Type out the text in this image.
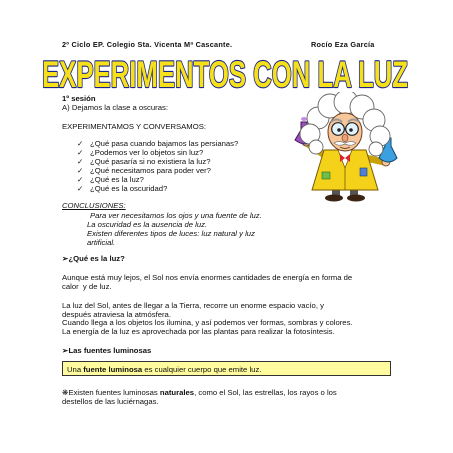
2º Ciclo EP. Colegio Sta. Vicenta Mª Cascante.	Rocío Eza García
EXPERIMENTOS CON LA LUZ
1º sesión
A) Dejamos la clase a oscuras:
EXPERIMENTAMOS Y CONVERSAMOS:
✓
¿Qué pasa cuando bajamos las persianas?
✓
¿Podemos ver lo objetos sin luz?
✓
¿Qué pasaría si no existiera la luz?
✓
¿Qué necesitamos para poder ver?
✓
¿Qué es la luz?
✓
¿Qué es la oscuridad?
CONCLUSIONES:
Para ver necesitamos los ojos y una fuente de luz.
La oscuridad es la ausencia de luz.
Existen diferentes tipos de luces: luz natural y luz
artificial.
➢¿Qué es la luz?
Aunque está muy lejos, el Sol nos envía enormes cantidades de energía en forma de
calor  y de luz.
La luz del Sol, antes de llegar a la Tierra, recorre un enorme espacio vacío, y
después atraviesa la atmósfera.
Cuando llega a los objetos los ilumina, y así podemos ver formas, sombras y colores.
La energía de la luz es aprovechada por las plantas para realizar la fotosíntesis.
➢Las fuentes luminosas
Una fuente luminosa es cualquier cuerpo que emite luz.
❋Existen fuentes luminosas naturales, como el Sol, las estrellas, los rayos o los
destellos de las luciérnagas.
